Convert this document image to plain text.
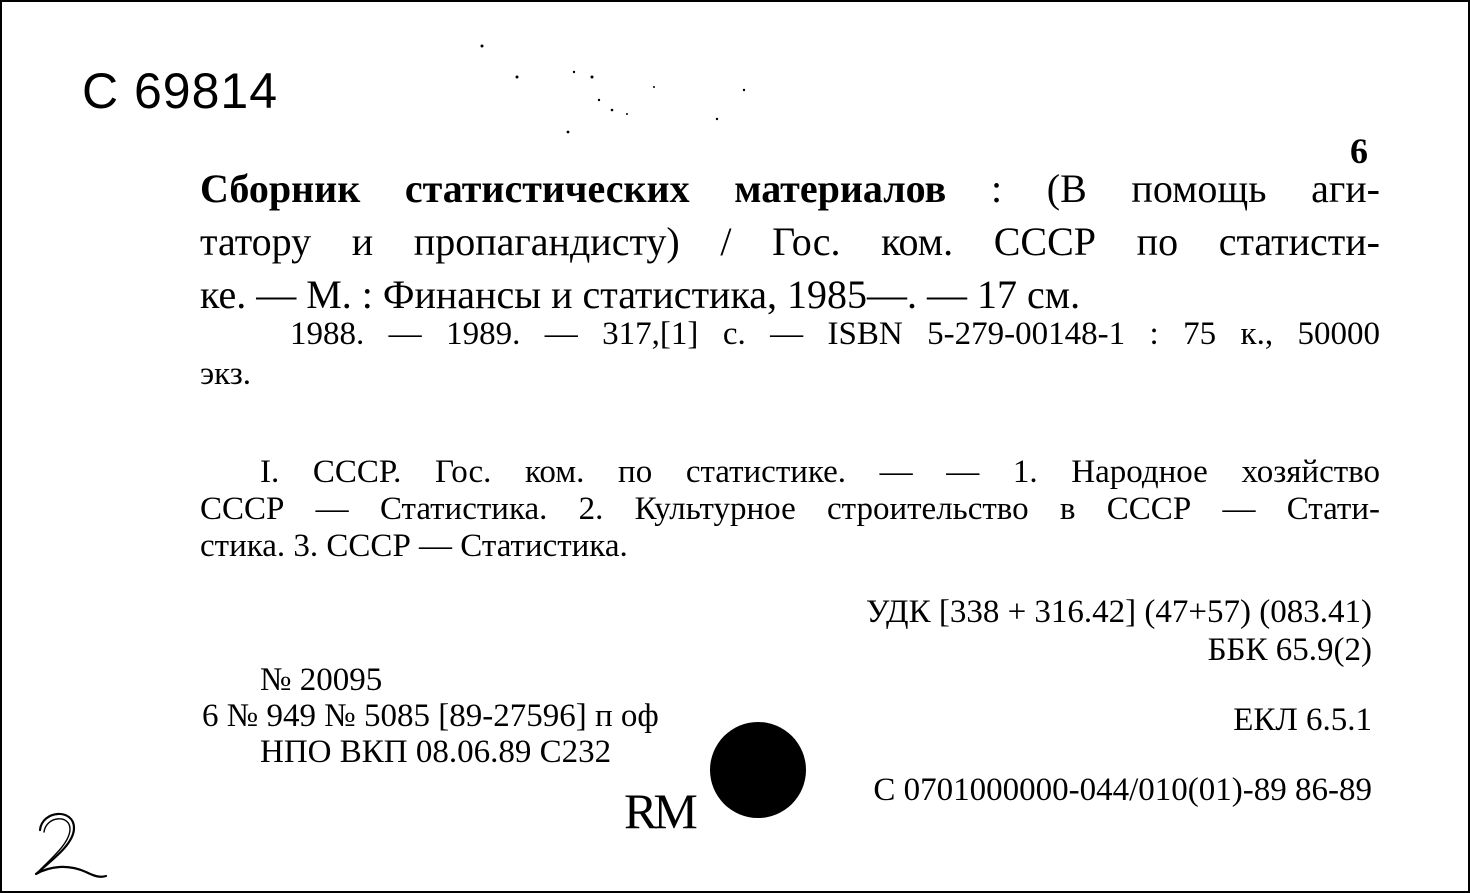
С 69814
6
Сборник статистических материалов : (В помощь аги-
татору и пропагандисту) / Гос. ком. СССР по статисти-
ке. — М. : Финансы и статистика, 1985—. — 17 см.
1988. — 1989. — 317,[1] с. — ISBN 5-279-00148-1 : 75 к., 50000
экз.
I. СССР. Гос. ком. по статистике. — — 1. Народное хозяйство
СССР — Статистика. 2. Культурное строительство в СССР — Стати-
стика. 3. СССР — Статистика.
УДК [338 + 316.42] (47+57) (083.41)
ББК 65.9(2)
№ 20095
6 № 949 № 5085 [89-27596] п оф
НПО ВКП 08.06.89 С232
ЕКЛ 6.5.1
С 0701000000-044/010(01)-89 86-89
RM
